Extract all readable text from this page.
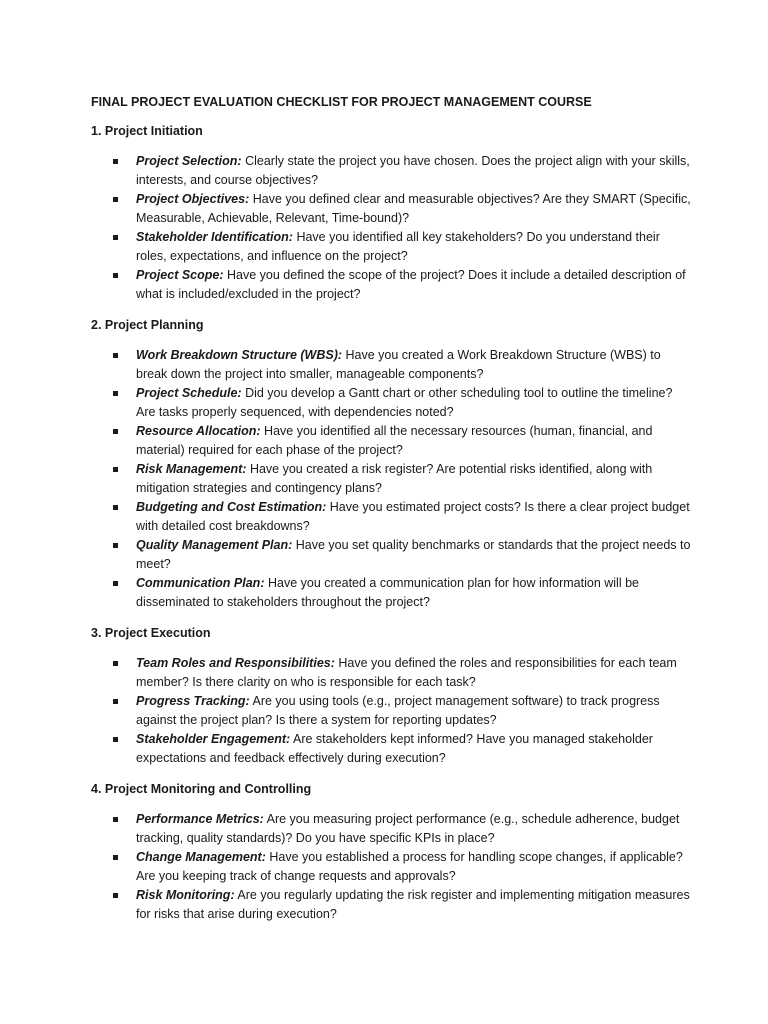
FINAL PROJECT EVALUATION CHECKLIST FOR PROJECT MANAGEMENT COURSE
1. Project Initiation
Project Selection: Clearly state the project you have chosen. Does the project align with your skills, interests, and course objectives?
Project Objectives: Have you defined clear and measurable objectives? Are they SMART (Specific, Measurable, Achievable, Relevant, Time-bound)?
Stakeholder Identification: Have you identified all key stakeholders? Do you understand their roles, expectations, and influence on the project?
Project Scope: Have you defined the scope of the project? Does it include a detailed description of what is included/excluded in the project?
2. Project Planning
Work Breakdown Structure (WBS): Have you created a Work Breakdown Structure (WBS) to break down the project into smaller, manageable components?
Project Schedule: Did you develop a Gantt chart or other scheduling tool to outline the timeline? Are tasks properly sequenced, with dependencies noted?
Resource Allocation: Have you identified all the necessary resources (human, financial, and material) required for each phase of the project?
Risk Management: Have you created a risk register? Are potential risks identified, along with mitigation strategies and contingency plans?
Budgeting and Cost Estimation: Have you estimated project costs? Is there a clear project budget with detailed cost breakdowns?
Quality Management Plan: Have you set quality benchmarks or standards that the project needs to meet?
Communication Plan: Have you created a communication plan for how information will be disseminated to stakeholders throughout the project?
3. Project Execution
Team Roles and Responsibilities: Have you defined the roles and responsibilities for each team member? Is there clarity on who is responsible for each task?
Progress Tracking: Are you using tools (e.g., project management software) to track progress against the project plan? Is there a system for reporting updates?
Stakeholder Engagement: Are stakeholders kept informed? Have you managed stakeholder expectations and feedback effectively during execution?
4. Project Monitoring and Controlling
Performance Metrics: Are you measuring project performance (e.g., schedule adherence, budget tracking, quality standards)? Do you have specific KPIs in place?
Change Management: Have you established a process for handling scope changes, if applicable? Are you keeping track of change requests and approvals?
Risk Monitoring: Are you regularly updating the risk register and implementing mitigation measures for risks that arise during execution?
